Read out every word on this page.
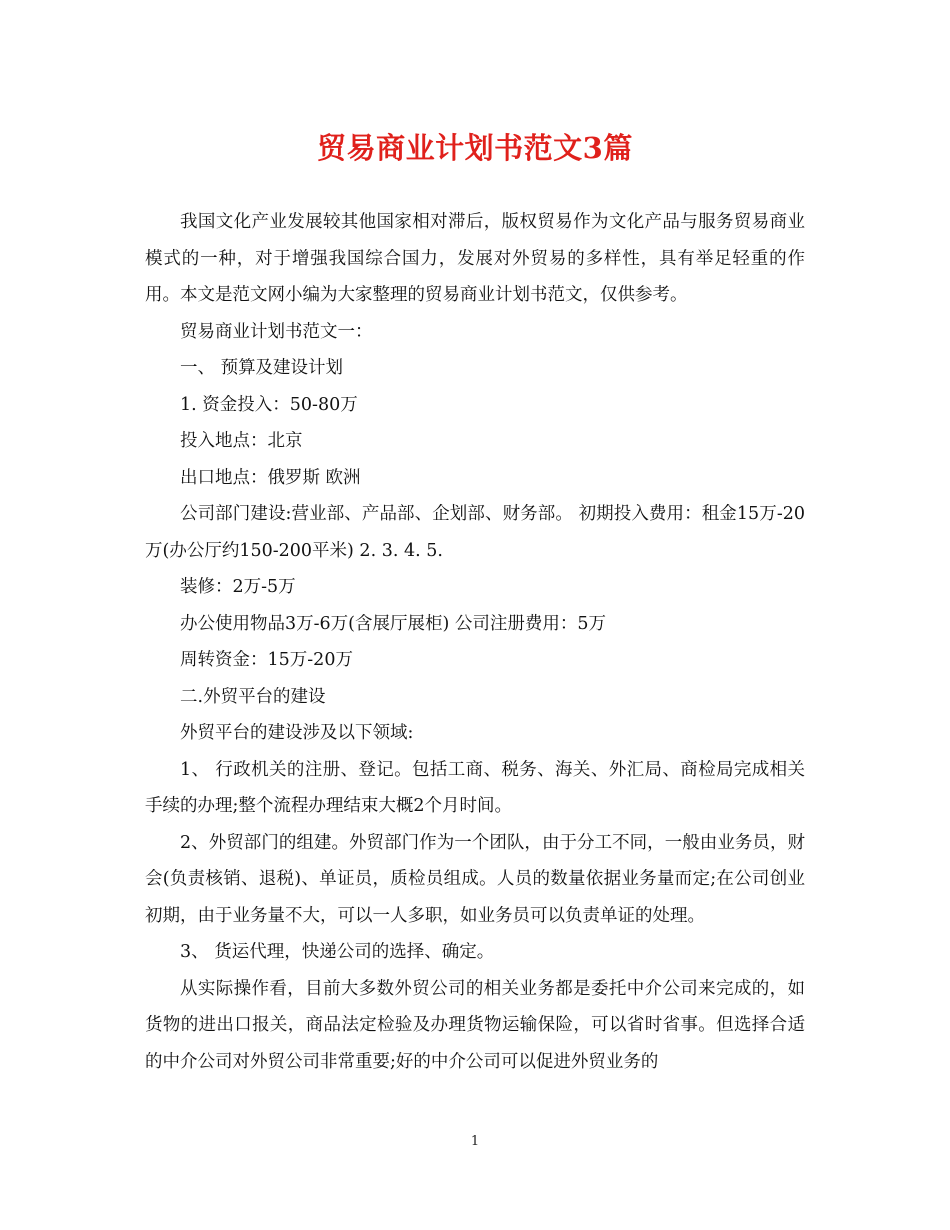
贸易商业计划书范文3篇

我国文化产业发展较其他国家相对滞后，版权贸易作为文化产品与服务贸易商业模式的一种，对于增强我国综合国力，发展对外贸易的多样性，具有举足轻重的作用。本文是范文网小编为大家整理的贸易商业计划书范文，仅供参考。

贸易商业计划书范文一：

一、 预算及建设计划

1. 资金投入：50-80万

投入地点：北京

出口地点：俄罗斯 欧洲

公司部门建设:营业部、产品部、企划部、财务部。 初期投入费用：租金15万-20万(办公厅约150-200平米) 2. 3. 4. 5.

装修：2万-5万

办公使用物品3万-6万(含展厅展柜) 公司注册费用：5万

周转资金：15万-20万

二.外贸平台的建设

外贸平台的建设涉及以下领域:

1、 行政机关的注册、登记。包括工商、税务、海关、外汇局、商检局完成相关手续的办理;整个流程办理结束大概2个月时间。

2、外贸部门的组建。外贸部门作为一个团队，由于分工不同，一般由业务员，财会(负责核销、退税)、单证员，质检员组成。人员的数量依据业务量而定;在公司创业初期，由于业务量不大，可以一人多职，如业务员可以负责单证的处理。

3、 货运代理，快递公司的选择、确定。

从实际操作看，目前大多数外贸公司的相关业务都是委托中介公司来完成的，如货物的进出口报关，商品法定检验及办理货物运输保险，可以省时省事。但选择合适的中介公司对外贸公司非常重要;好的中介公司可以促进外贸业务的

1
